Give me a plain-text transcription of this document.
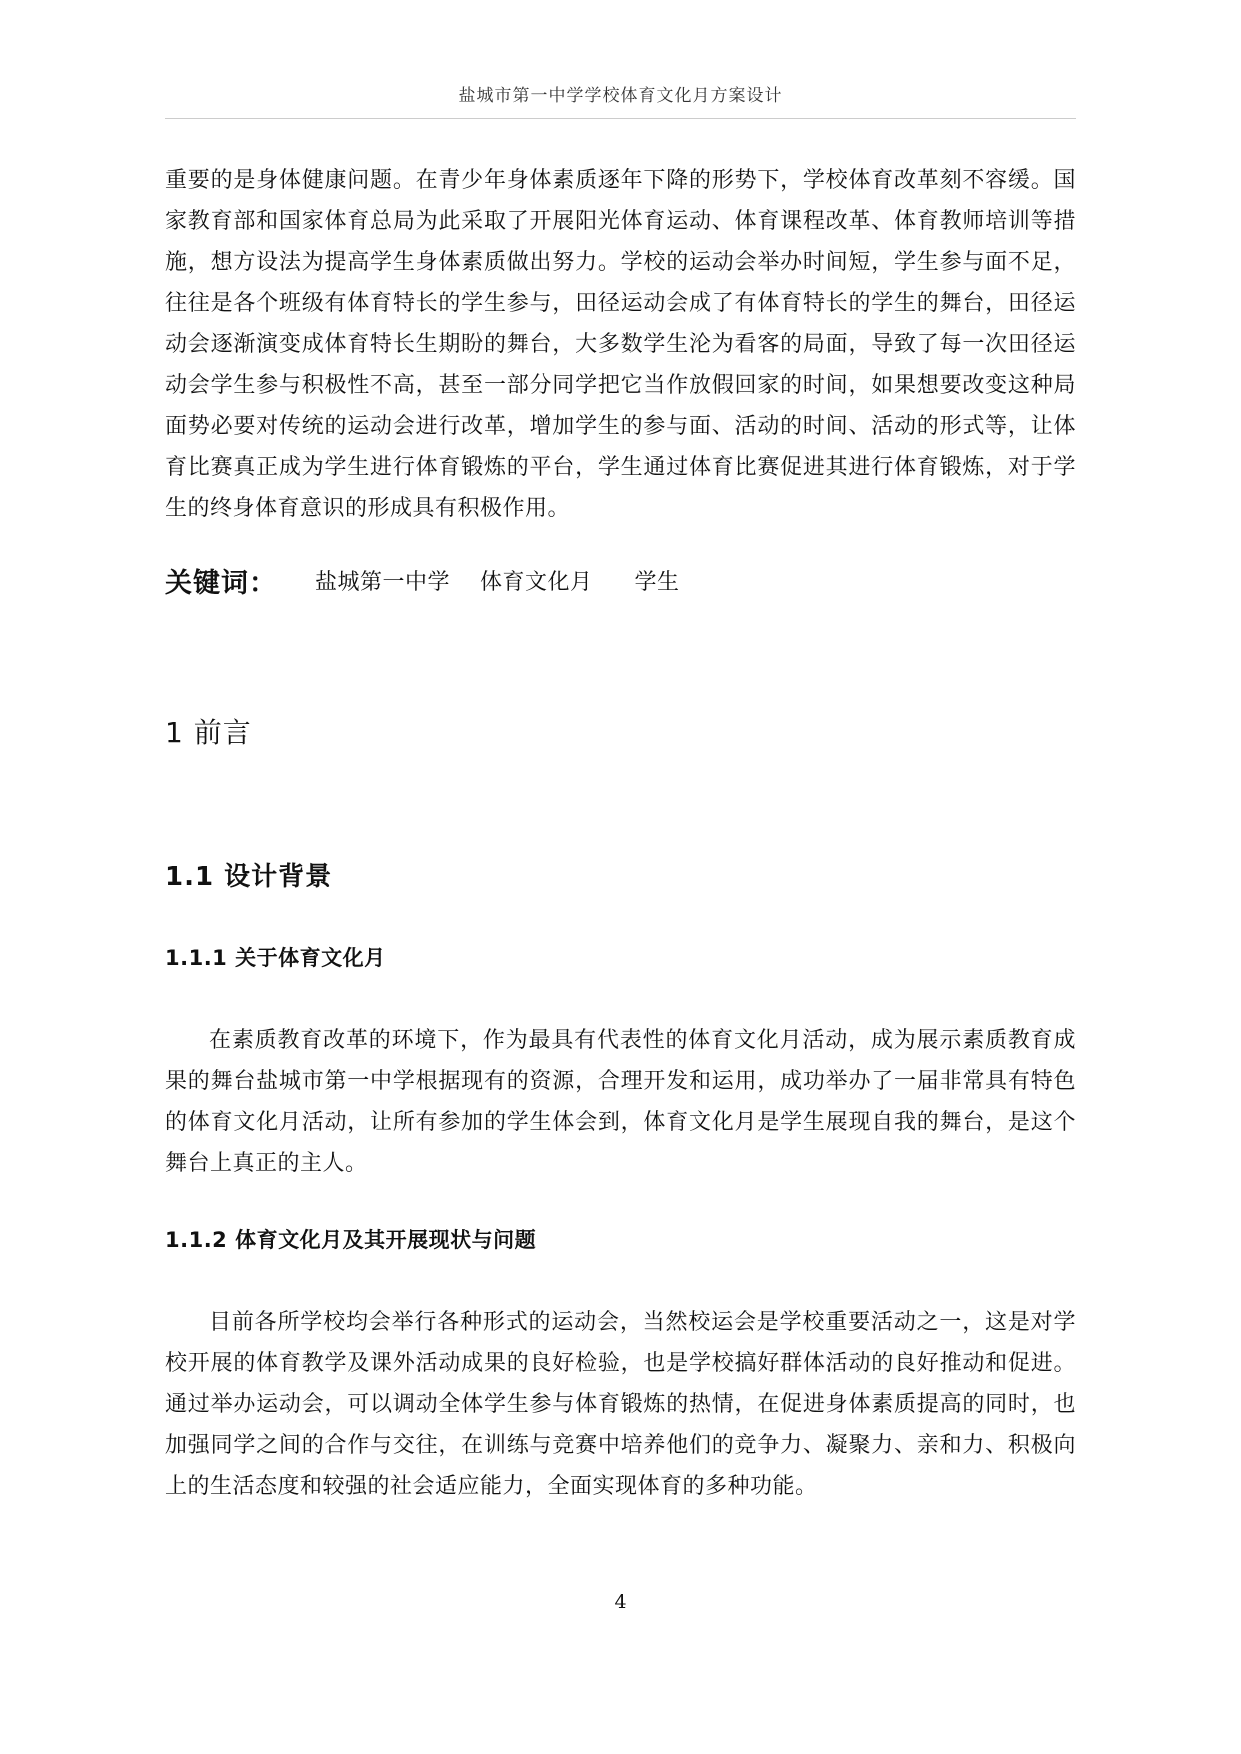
盐城市第一中学学校体育文化月方案设计

重要的是身体健康问题。在青少年身体素质逐年下降的形势下，学校体育改革刻不容缓。国家教育部和国家体育总局为此采取了开展阳光体育运动、体育课程改革、体育教师培训等措施，想方设法为提高学生身体素质做出努力。学校的运动会举办时间短，学生参与面不足，往往是各个班级有体育特长的学生参与，田径运动会成了有体育特长的学生的舞台，田径运动会逐渐演变成体育特长生期盼的舞台，大多数学生沦为看客的局面，导致了每一次田径运动会学生参与积极性不高，甚至一部分同学把它当作放假回家的时间，如果想要改变这种局面势必要对传统的运动会进行改革，增加学生的参与面、活动的时间、活动的形式等，让体育比赛真正成为学生进行体育锻炼的平台，学生通过体育比赛促进其进行体育锻炼，对于学生的终身体育意识的形成具有积极作用。

关键词： 盐城第一中学 体育文化月 学生
1 前言
1.1 设计背景
1.1.1 关于体育文化月

在素质教育改革的环境下，作为最具有代表性的体育文化月活动，成为展示素质教育成果的舞台盐城市第一中学根据现有的资源，合理开发和运用，成功举办了一届非常具有特色的体育文化月活动，让所有参加的学生体会到，体育文化月是学生展现自我的舞台，是这个舞台上真正的主人。

1.1.2 体育文化月及其开展现状与问题

目前各所学校均会举行各种形式的运动会，当然校运会是学校重要活动之一，这是对学校开展的体育教学及课外活动成果的良好检验，也是学校搞好群体活动的良好推动和促进。通过举办运动会，可以调动全体学生参与体育锻炼的热情，在促进身体素质提高的同时，也加强同学之间的合作与交往，在训练与竞赛中培养他们的竞争力、凝聚力、亲和力、积极向上的生活态度和较强的社会适应能力，全面实现体育的多种功能。

4
